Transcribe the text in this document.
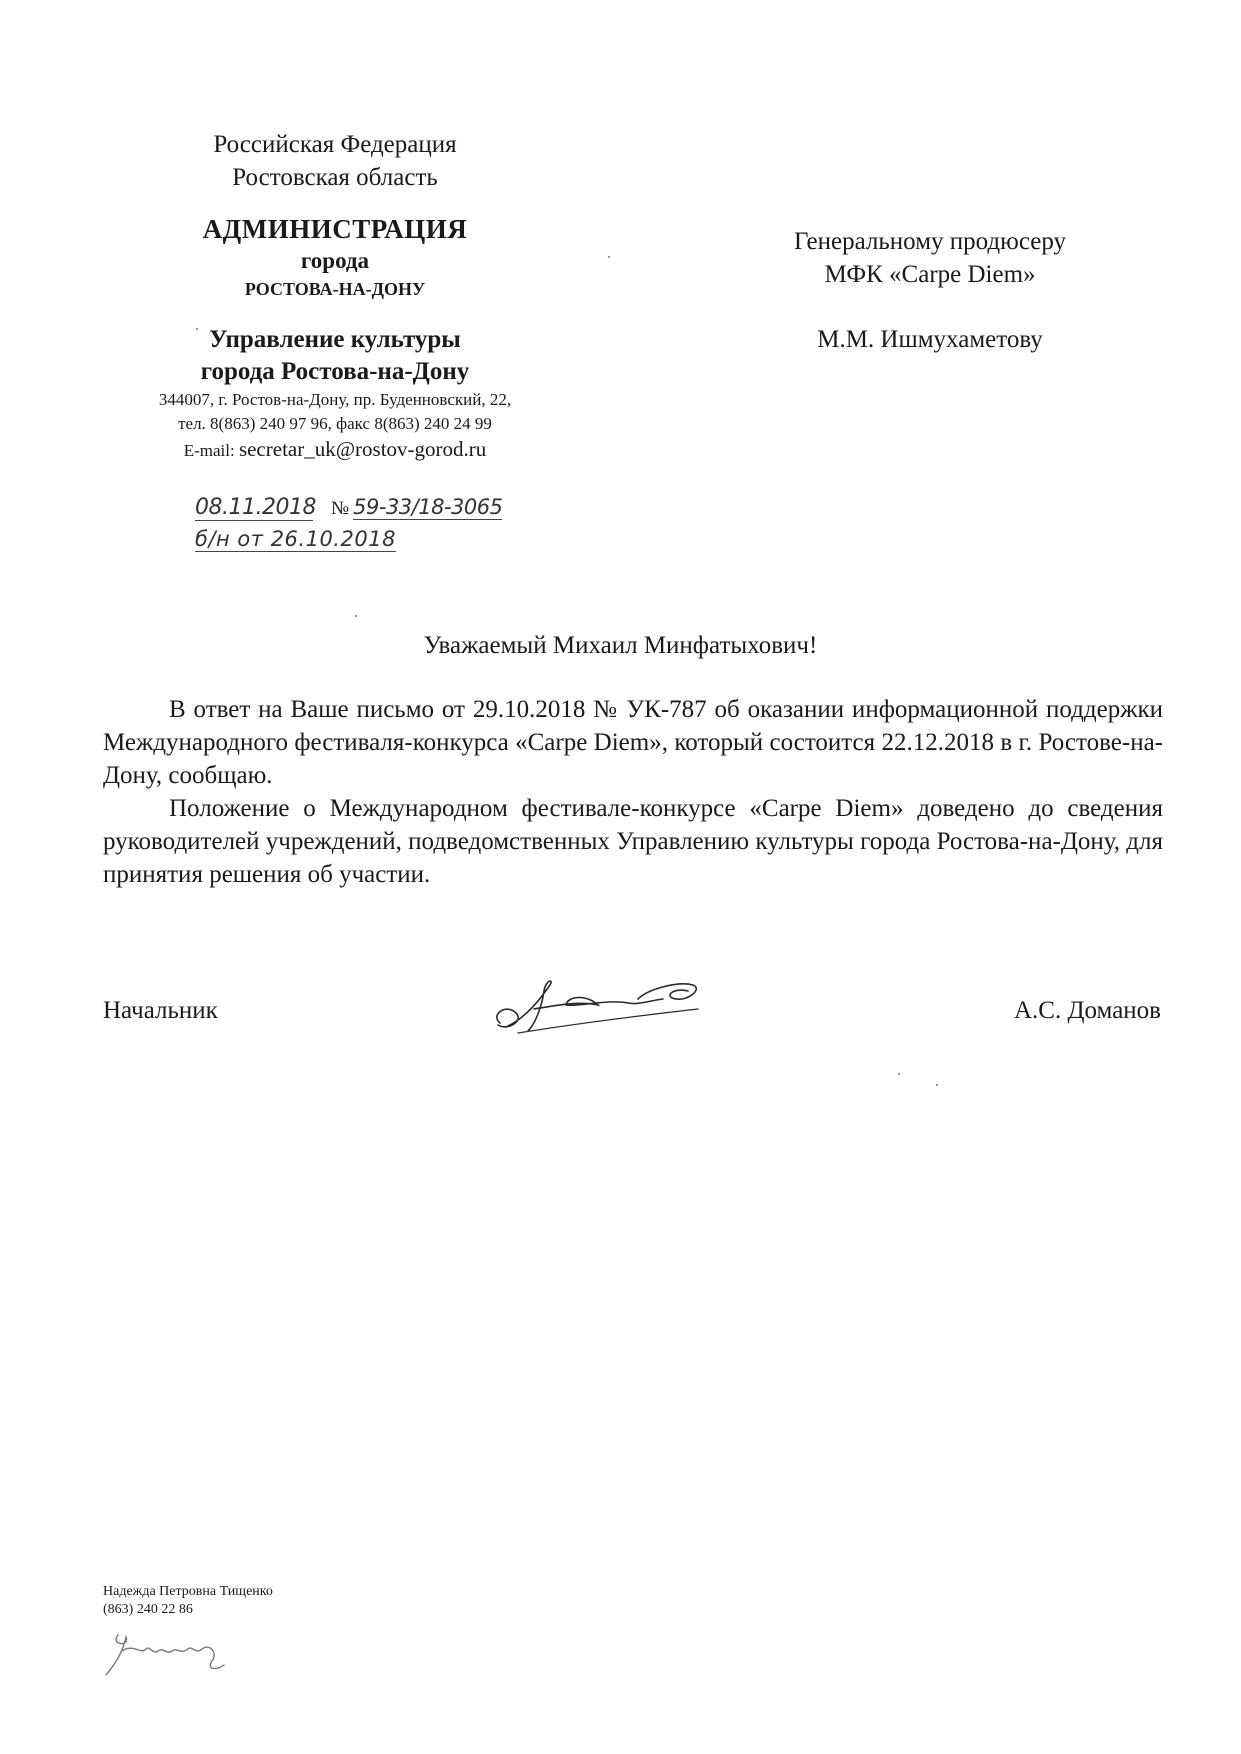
Российская Федерация
Ростовская область
АДМИНИСТРАЦИЯ
города
РОСТОВА-НА-ДОНУ
Управление культуры
города Ростова-на-Дону
344007, г. Ростов-на-Дону, пр. Буденновский, 22,
тел. 8(863) 240 97 96, факс 8(863) 240 24 99
E-mail: secretar_uk@rostov-gorod.ru
08.11.2018 № 59-33/18-3065
б/н от 26.10.2018
Генеральному продюсеру
МФК «Carpe Diem»
М.М. Ишмухаметову
Уважаемый Михаил Минфатыхович!

В ответ на Ваше письмо от 29.10.2018 № УК-787 об оказании информационной поддержки Международного фестиваля-конкурса «Carpe Diem», который состоится 22.12.2018 в г. Ростове-на-Дону, сообщаю.

Положение о Международном фестивале-конкурсе «Carpe Diem» доведено до сведения руководителей учреждений, подведомственных Управлению культуры города Ростова-на-Дону, для принятия решения об участии.

Начальник	А.С. Доманов
Надежда Петровна Тищенко
(863) 240 22 86
